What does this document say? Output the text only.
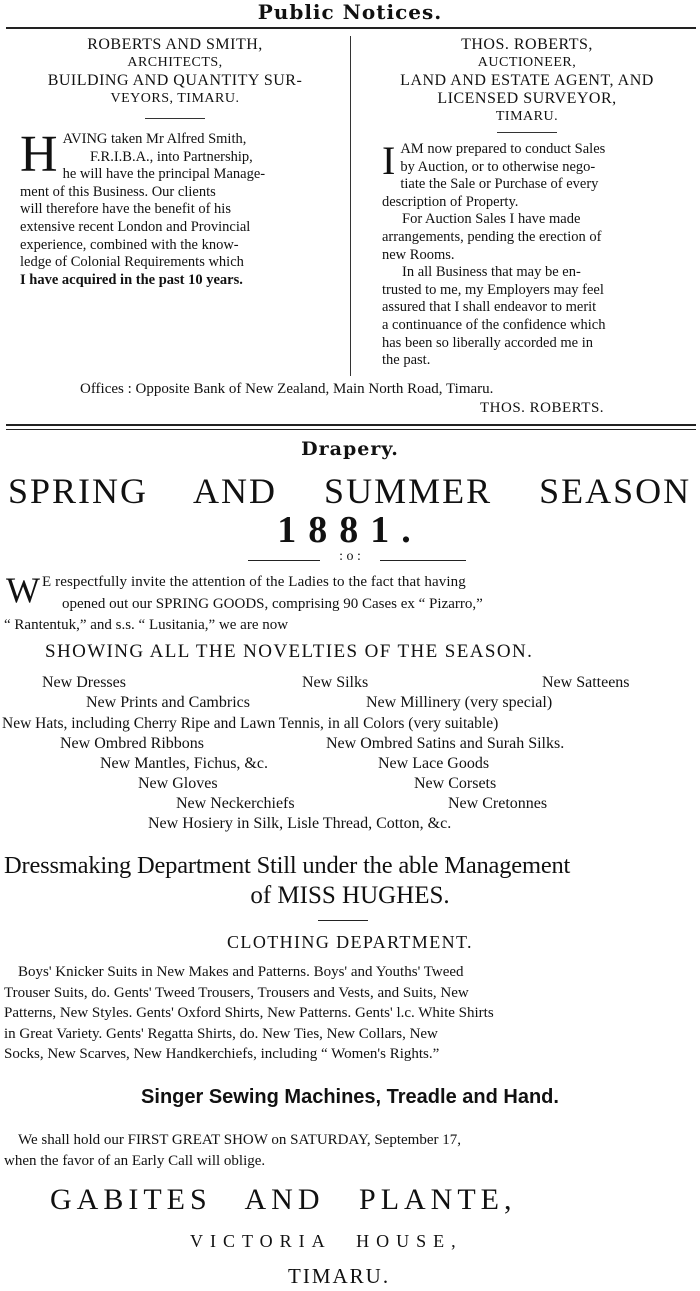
Public Notices.
ROBERTS AND SMITH,
ARCHITECTS,
BUILDING AND QUANTITY SUR-
VEYORS, TIMARU.
H AVING taken Mr Alfred Smith,
F.R.I.B.A., into Partnership,
he will have the principal Manage-
ment of this Business. Our clients
will therefore have the benefit of his
extensive recent London and Provincial
experience, combined with the know-
ledge of Colonial Requirements which
I have acquired in the past 10 years.
THOS. ROBERTS,
AUCTIONEER,
LAND AND ESTATE AGENT, AND
LICENSED SURVEYOR,
TIMARU.
I AM now prepared to conduct Sales
by Auction, or to otherwise nego-
tiate the Sale or Purchase of every
description of Property.
For Auction Sales I have made
arrangements, pending the erection of
new Rooms.
In all Business that may be en-
trusted to me, my Employers may feel
assured that I shall endeavor to merit
a continuance of the confidence which
has been so liberally accorded me in
the past.
Offices : Opposite Bank of New Zealand, Main North Road, Timaru.
THOS. ROBERTS.
Drapery.
SPRING AND SUMMER SEASON
1881.
: o :
W E respectfully invite the attention of the Ladies to the fact that having
opened out our SPRING GOODS, comprising 90 Cases ex “ Pizarro,”
“ Rantentuk,” and s.s. “ Lusitania,” we are now
SHOWING ALL THE NOVELTIES OF THE SEASON.
New Dresses	New Silks	New Satteens
New Prints and Cambrics	New Millinery (very special)
New Hats, including Cherry Ripe and Lawn Tennis, in all Colors (very suitable)
New Ombred Ribbons	New Ombred Satins and Surah Silks.
New Mantles, Fichus, &c.	New Lace Goods
New Gloves	New Corsets
New Neckerchiefs	New Cretonnes
New Hosiery in Silk, Lisle Thread, Cotton, &c.
Dressmaking Department Still under the able Management
of MISS HUGHES.
CLOTHING DEPARTMENT.
Boys' Knicker Suits in New Makes and Patterns. Boys' and Youths' Tweed
Trouser Suits, do. Gents' Tweed Trousers, Trousers and Vests, and Suits, New
Patterns, New Styles. Gents' Oxford Shirts, New Patterns. Gents' l.c. White Shirts
in Great Variety. Gents' Regatta Shirts, do. New Ties, New Collars, New
Socks, New Scarves, New Handkerchiefs, including “ Women's Rights.”
Singer Sewing Machines, Treadle and Hand.
We shall hold our FIRST GREAT SHOW on SATURDAY, September 17,
when the favor of an Early Call will oblige.
GABITES AND PLANTE,
VICTORIA HOUSE,
TIMARU.
